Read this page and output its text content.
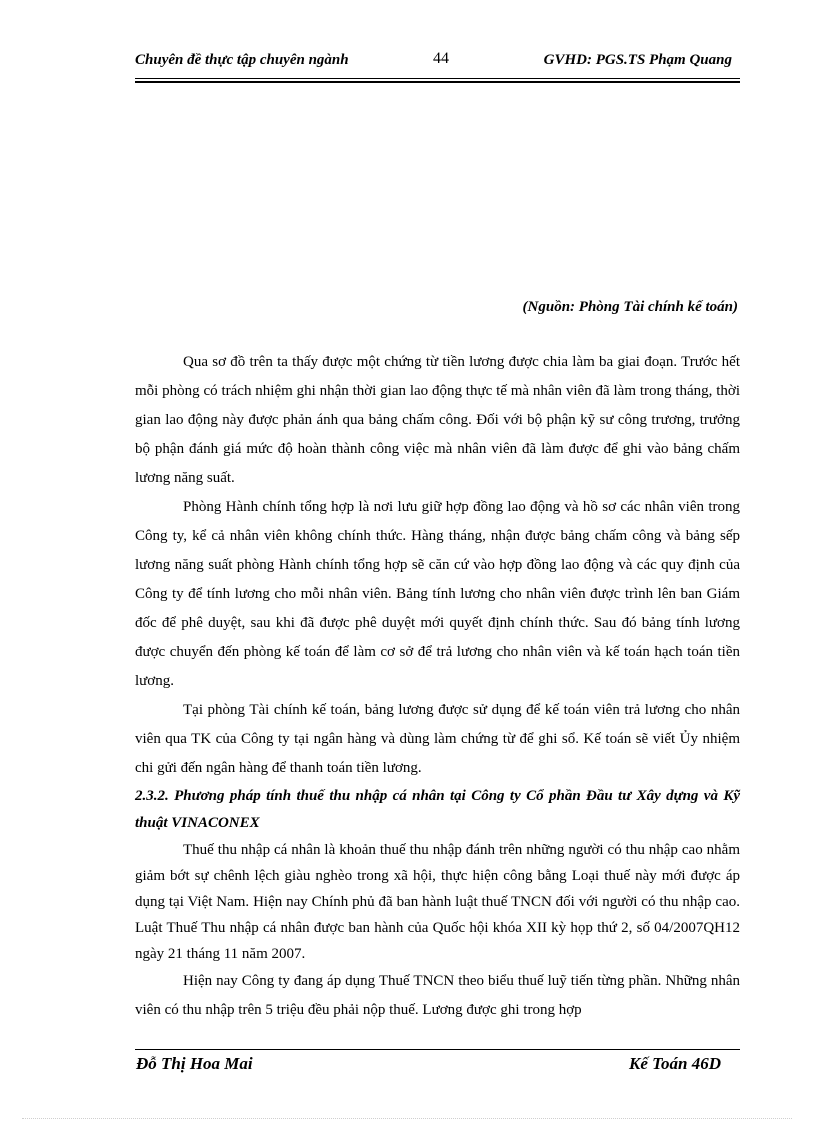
Chuyên đề thực tập chuyên ngành	44	GVHD: PGS.TS Phạm Quang
(Nguồn: Phòng Tài chính kế toán)

Qua sơ đồ trên ta thấy được một chứng từ tiền lương được chia làm ba giai đoạn. Trước hết mỗi phòng có trách nhiệm ghi nhận thời gian lao động thực tế mà nhân viên đã làm trong tháng, thời gian lao động này được phản ánh qua bảng chấm công. Đối với bộ phận kỹ sư công trương, trưởng bộ phận đánh giá mức độ hoàn thành công việc mà nhân viên đã làm được để ghi vào bảng chấm lương năng suất.

Phòng Hành chính tổng hợp là nơi lưu giữ hợp đồng lao động và hồ sơ các nhân viên trong Công ty, kể cả nhân viên không chính thức. Hàng tháng, nhận được bảng chấm công và bảng sếp lương năng suất phòng Hành chính tổng hợp sẽ căn cứ vào hợp đồng lao động và các quy định của Công ty để tính lương cho mỗi nhân viên. Bảng tính lương cho nhân viên được trình lên ban Giám đốc để phê duyệt, sau khi đã được phê duyệt mới quyết định chính thức. Sau đó bảng tính lương được chuyển đến phòng kế toán để làm cơ sở để trả lương cho nhân viên và kế toán hạch toán tiền lương.

Tại phòng Tài chính kế toán, bảng lương được sử dụng để kế toán viên trả lương cho nhân viên qua TK của Công ty tại ngân hàng và dùng làm chứng từ để ghi sổ. Kế toán sẽ viết Ủy nhiệm chi gửi đến ngân hàng để thanh toán tiền lương.

2.3.2. Phương pháp tính thuế thu nhập cá nhân tại Công ty Cổ phần Đầu tư Xây dựng và Kỹ thuật VINACONEX

Thuế thu nhập cá nhân là khoản thuế thu nhập đánh trên những người có thu nhập cao nhằm giảm bớt sự chênh lệch giàu nghèo trong xã hội, thực hiện công bằng Loại thuế này mới được áp dụng tại Việt Nam. Hiện nay Chính phủ đã ban hành luật thuế TNCN đối với người có thu nhập cao. Luật Thuế Thu nhập cá nhân được ban hành của Quốc hội khóa XII kỳ họp thứ 2, số 04/2007QH12 ngày 21 tháng 11 năm 2007.

Hiện nay Công ty đang áp dụng Thuế TNCN theo biểu thuế luỹ tiến từng phần. Những nhân viên có thu nhập trên 5 triệu đều phải nộp thuế. Lương được ghi trong hợp

Đỗ Thị Hoa Mai	Kế Toán 46D
